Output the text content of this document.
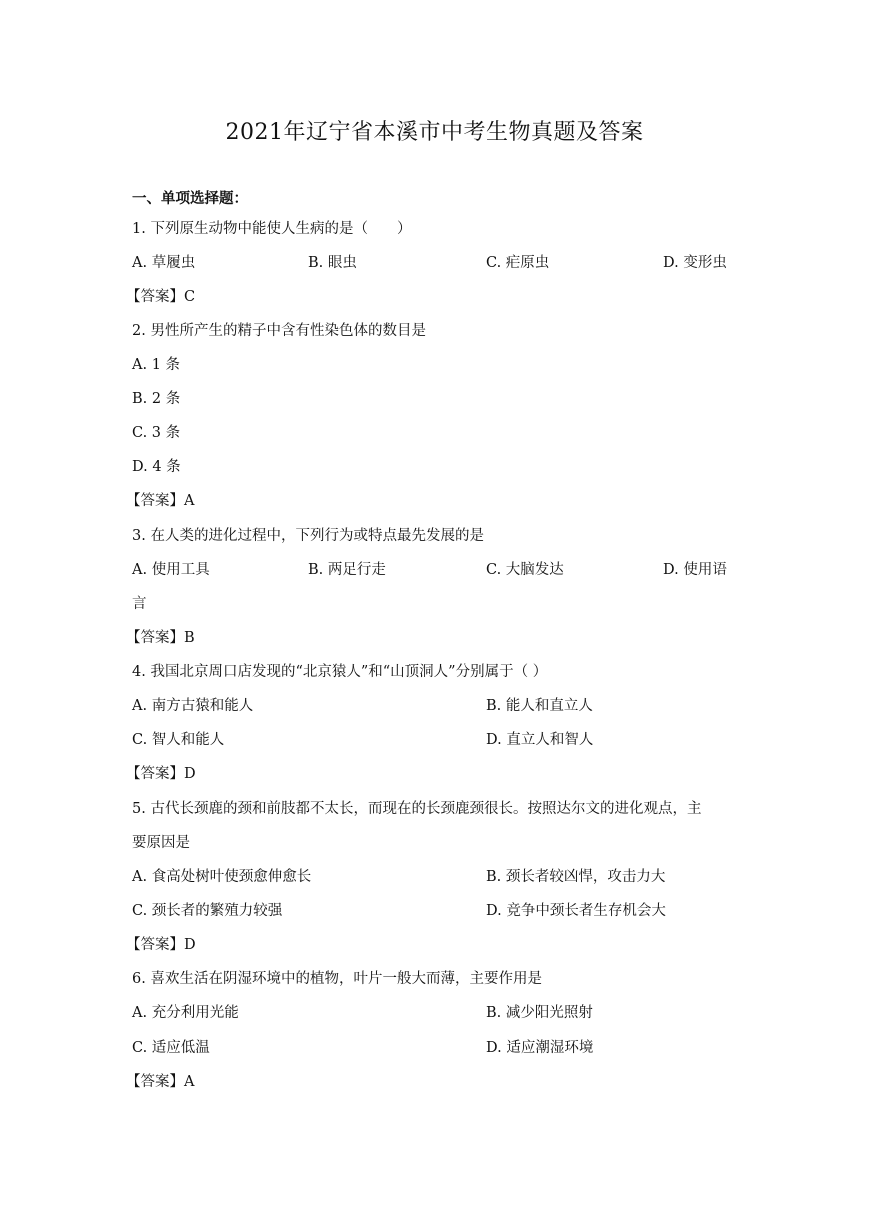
2021年辽宁省本溪市中考生物真题及答案
一、单项选择题：
1. 下列原生动物中能使人生病的是（　　）
A. 草履虫	B. 眼虫	C. 疟原虫	D. 变形虫
【答案】C
2. 男性所产生的精子中含有性染色体的数目是
A. 1 条
B. 2 条
C. 3 条
D. 4 条
【答案】A
3. 在人类的进化过程中，下列行为或特点最先发展的是
A. 使用工具	B. 两足行走	C. 大脑发达	D. 使用语
言
【答案】B
4. 我国北京周口店发现的“北京猿人”和“山顶洞人”分别属于（ ）
A. 南方古猿和能人	B. 能人和直立人
C. 智人和能人	D. 直立人和智人
【答案】D
5. 古代长颈鹿的颈和前肢都不太长，而现在的长颈鹿颈很长。按照达尔文的进化观点，主
要原因是
A. 食高处树叶使颈愈伸愈长	B. 颈长者较凶悍，攻击力大
C. 颈长者的繁殖力较强	D. 竞争中颈长者生存机会大
【答案】D
6. 喜欢生活在阴湿环境中的植物，叶片一般大而薄，主要作用是
A. 充分利用光能	B. 减少阳光照射
C. 适应低温	D. 适应潮湿环境
【答案】A
